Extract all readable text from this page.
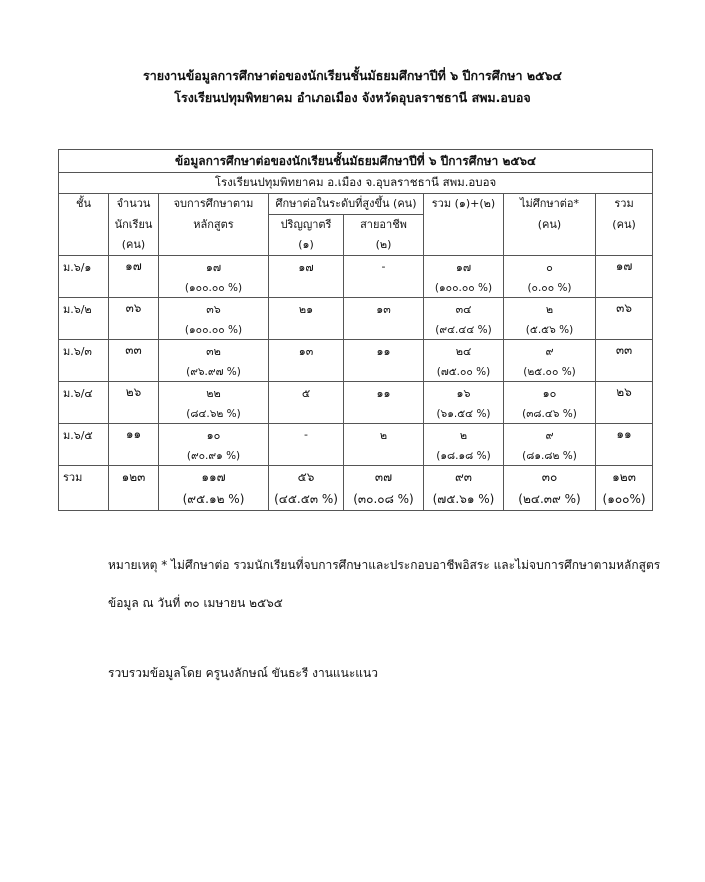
รายงานข้อมูลการศึกษาต่อของนักเรียนชั้นมัธยมศึกษาปีที่ ๖ ปีการศึกษา ๒๕๖๔
โรงเรียนปทุมพิทยาคม อำเภอเมือง จังหวัดอุบลราชธานี สพม.อบอจ
ข้อมูลการศึกษาต่อของนักเรียนชั้นมัธยมศึกษาปีที่ ๖ ปีการศึกษา ๒๕๖๔							
โรงเรียนปทุมพิทยาคม อ.เมือง จ.อุบลราชธานี สพม.อบอจ							
ชั้น	จำนวน	จบการศึกษาตาม	ศึกษาต่อในระดับที่สูงขึ้น (คน)		รวม (๑)+(๒)	ไม่ศึกษาต่อ*	รวม
	นักเรียน	หลักสูตร	ปริญญาตรี	สายอาชีพ		(คน)	(คน)
	(คน)		(๑)	(๒)			
ม.๖/๑	๑๗	๑๗	๑๗	-	๑๗	๐	๑๗
		(๑๐๐.๐๐ %)			(๑๐๐.๐๐ %)	(๐.๐๐ %)	
ม.๖/๒	๓๖	๓๖	๒๑	๑๓	๓๔	๒	๓๖
		(๑๐๐.๐๐ %)			(๙๔.๔๔ %)	(๕.๕๖ %)	
ม.๖/๓	๓๓	๓๒	๑๓	๑๑	๒๔	๙	๓๓
		(๙๖.๙๗ %)			(๗๕.๐๐ %)	(๒๕.๐๐ %)	
ม.๖/๔	๒๖	๒๒	๕	๑๑	๑๖	๑๐	๒๖
		(๘๔.๖๒ %)			(๖๑.๕๔ %)	(๓๘.๔๖ %)	
ม.๖/๕	๑๑	๑๐	-	๒	๒	๙	๑๑
		(๙๐.๙๑ %)			(๑๘.๑๘ %)	(๘๑.๘๒ %)	
รวม	๑๒๓	๑๑๗	๕๖	๓๗	๙๓	๓๐	๑๒๓
		(๙๕.๑๒ %)	(๔๕.๕๓ %)	(๓๐.๐๘ %)	(๗๕.๖๑ %)	(๒๔.๓๙ %)	(๑๐๐%)
หมายเหตุ * ไม่ศึกษาต่อ รวมนักเรียนที่จบการศึกษาและประกอบอาชีพอิสระ และไม่จบการศึกษาตามหลักสูตร
ข้อมูล ณ วันที่ ๓๐ เมษายน ๒๕๖๕
รวบรวมข้อมูลโดย ครูนงลักษณ์ ขันธะรี งานแนะแนว
